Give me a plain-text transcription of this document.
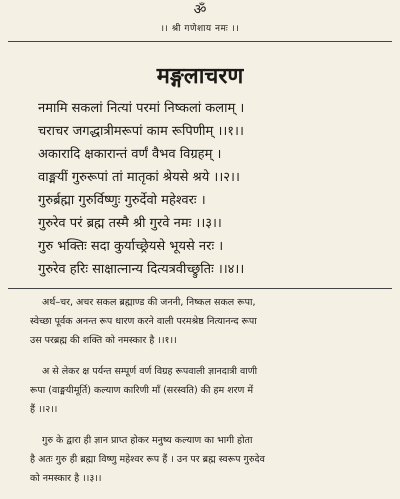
ॐ
।। श्री गणेशाय नमः ।।
मङ्गलाचरण
नमामि सकलां नित्यां परमां निष्कलां कलाम् ।
चराचर जगद्धात्रीमरूपां काम रूपिणीम् ।।१।।
अकारादि क्षकारान्तं वर्णं वैभव विग्रहम् ।
वाङ्मयीं गुरुरूपां तां मातृकां श्रेयसे श्रये ।।२।।
गुरुर्ब्रह्मा गुरुर्विष्णुः गुरुर्देवो महेश्वरः ।
गुरुरेव परं ब्रह्म तस्मै श्री गुरवे नमः ।।३।।
गुरु भक्तिः सदा कुर्याच्छ्रेयसे भूयसे नरः ।
गुरुरेव हरिः साक्षात्नान्य दित्यत्रवीच्छ्रुतिः ।।४।।
अर्थ–चर, अचर सकल ब्रह्माण्ड की जननी, निष्कल सकल रूपा,
स्वेच्छा पूर्वक अनन्त रूप धारण करने वाली परमश्रेष्ठ नित्यानन्द रूपा
उस परब्रह्म की शक्ति को नमस्कार है ।।१।।
अ से लेकर क्ष पर्यन्त सम्पूर्ण वर्ण विग्रह रूपवाली ज्ञानदात्री वाणी
रूपा (वाङ्मयीमूर्ति) कल्याण कारिणी माँ (सरस्वति) की हम शरण में
हैं ।।२।।
गुरु के द्वारा ही ज्ञान प्राप्त होकर मनुष्य कल्याण का भागी होता
है अतः गुरु ही ब्रह्मा विष्णु महेश्वर रूप हैं । उन पर ब्रह्म स्वरूप गुरुदेव
को नमस्कार है ।।३।।
